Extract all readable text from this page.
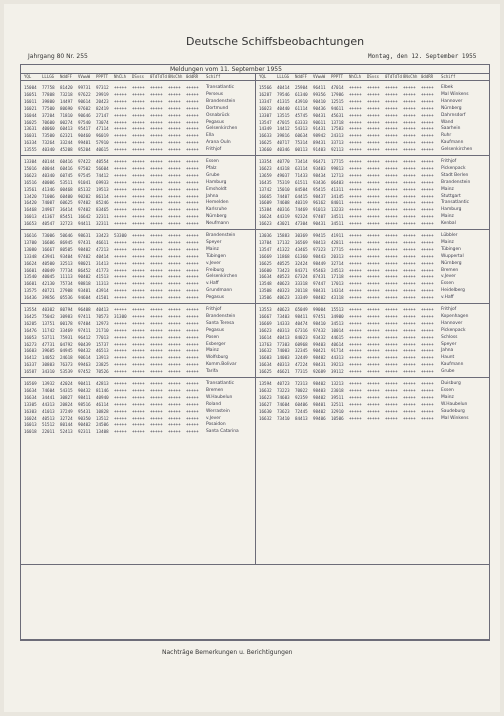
Deutsche Schiffsbeobachtungen
Jahrgang 80 Nr. 255	Montag, den 12. September 1955
Meldungen vom 11. September 1955
Nachträge Bemerkungen u. Berichtigungen
YQL	LLLGG NddFF VVwwW PPPTT NhCLh DSvss 0TdTdTd 8NsChh 0ddRR Schiff	YQL	LLLGG NddFF VVwwW PPPTT NhCLh DSvss 0TdTdTd 8NsChh 0ddRR Schiff
15004 77758 81420 99731 97312 +++++ +++++ +++++ +++++ +++++ Transatlantic
16051 77808 73218 97622 29919 +++++ +++++ +++++ +++++ +++++ Perseus
16011 39800 14497 90614 20423 +++++ +++++ +++++ +++++ +++++ Brandenstein
16021 77500 80690 97602 82419 +++++ +++++ +++++ +++++ +++++ Dortmund
16044 37204 71810 90646 27147 +++++ +++++ +++++ +++++ +++++ Osnabrück
16025 70600 00274 97540 73074 +++++ +++++ +++++ +++++ +++++ Pegasus
13631 40060 60413 95417 47114 +++++ +++++ +++++ +++++ +++++ Gelsenkirchen
16031 73500 62321 90460 96019 +++++ +++++ +++++ +++++ +++++ Ella
16334 73264 33244 99401 57910 +++++ +++++ +++++ +++++ +++++ Arana Ouln
13555 40340 45208 95204 40615 +++++ +++++ +++++ +++++ +++++ Frithjof
13304 40144 60416 97422 40554 +++++ +++++ +++++ +++++ +++++ Essen
15016 40044 60416 97502 56604 +++++ +++++ +++++ +++++ +++++ Pfalz
16623 40340 60745 97545 74412 +++++ +++++ +++++ +++++ +++++ Grube
16516 40006 53511 91041 69933 +++++ +++++ +++++ +++++ +++++ Hamburg
13561 41346 00468 85132 19513 +++++ +++++ +++++ +++++ +++++ Emsholdt
13420 71006 60400 90202 86114 +++++ +++++ +++++ +++++ +++++ Jahna
16420 74007 60625 97402 85246 +++++ +++++ +++++ +++++ +++++ Hemelden
16468 24967 36414 97402 83465 +++++ +++++ +++++ +++++ +++++ Karlsruhe
16013 41367 85451 16642 32311 +++++ +++++ +++++ +++++ +++++ Nürnberg
16653 40547 32723 94411 32311 +++++ +++++ +++++ +++++ +++++ Neufmann
16616 73006 50646 98631 33423 53300 +++++ +++++ +++++ +++++ Brandenstein
13700 16606 86945 97431 46611 +++++ +++++ +++++ +++++ +++++ Speyer
13080 16667 80505 98402 47213 +++++ +++++ +++++ +++++ +++++ Mainz
13348 43941 93404 97402 40414 +++++ +++++ +++++ +++++ +++++ Tübingen
16624 40500 32513 98021 31413 +++++ +++++ +++++ +++++ +++++ v.Jever
16601 40049 77734 86452 41773 +++++ +++++ +++++ +++++ +++++ Freiburg
13540 40045 11113 90402 41513 +++++ +++++ +++++ +++++ +++++ Gelsenkirchen
16601 42130 75734 98818 11313 +++++ +++++ +++++ +++++ +++++ v.Haff
13575 40721 27908 93401 43914 +++++ +++++ +++++ +++++ +++++ Grundmann
16436 39856 05536 94604 41501 +++++ +++++ +++++ +++++ +++++ Pegasus
13554 40302 80794 96408 40413 +++++ +++++ +++++ +++++ +++++ Frithjof
16425 75042 30983 97411 70573 31300 +++++ +++++ +++++ +++++ Brandenstein
16205 13751 00178 97404 12973 +++++ +++++ +++++ +++++ +++++ Santa Teresa
16476 11742 33469 97411 21710 +++++ +++++ +++++ +++++ +++++ Pegasus
16053 53711 75931 96412 77013 +++++ +++++ +++++ +++++ +++++ Posen
16273 47731 04792 90439 15737 +++++ +++++ +++++ +++++ +++++ Esberger
16603 39605 04945 90432 46513 +++++ +++++ +++++ +++++ +++++ Mainz
16412 14052 24618 90614 13913 +++++ +++++ +++++ +++++ +++++ Wolfsburg
16337 30803 76373 99463 23825 +++++ +++++ +++++ +++++ +++++ Komm.Bolivar
16587 34310 53539 97452 70526 +++++ +++++ +++++ +++++ +++++ Tarifa
16569 13932 42024 90411 42813 +++++ +++++ +++++ +++++ +++++ Transatlantic
16634 74604 54315 90432 81146 +++++ +++++ +++++ +++++ +++++ Bremen
16634 34441 30827 98411 40940 +++++ +++++ +++++ +++++ +++++ W.Haubelun
13305 44313 20824 98516 46114 +++++ +++++ +++++ +++++ +++++ Roland
16303 41013 37249 95431 10828 +++++ +++++ +++++ +++++ +++++ Werrastein
16024 40513 32724 90350 13512 +++++ +++++ +++++ +++++ +++++ v.Jever
16013 51512 80144 90402 24506 +++++ +++++ +++++ +++++ +++++ Posaidon
16018 22011 52413 92311 13408 +++++ +++++ +++++ +++++ +++++ Santa Catarina
15566 40414 25904 96411 47014 +++++ +++++ +++++ +++++ +++++ Elbek
16287 79546 61340 99356 17986 +++++ +++++ +++++ +++++ +++++ Mal Winkens
13347 41315 43910 90410 12515 +++++ +++++ +++++ +++++ +++++ Hannover
16023 40440 61114 90436 94611 +++++ +++++ +++++ +++++ +++++ Nürnberg
13307 13515 45745 90431 45631 +++++ +++++ +++++ +++++ +++++ Dahrnsdorf
13547 47015 63333 90611 13718 +++++ +++++ +++++ +++++ +++++ Wand
14349 14412 54313 91431 17583 +++++ +++++ +++++ +++++ +++++ Saarhein
16633 39816 60634 98942 24313 +++++ +++++ +++++ +++++ +++++ Ruhr
16625 40717 75314 89431 33713 +++++ +++++ +++++ +++++ +++++ Kaufmann
13660 40346 00113 91403 92113 +++++ +++++ +++++ +++++ +++++ Gelsenkirchen
13354 40770 73414 96471 17715 +++++ +++++ +++++ +++++ +++++ Frithjof
16623 44318 63114 93403 99813 +++++ +++++ +++++ +++++ +++++ Pickenpack
13659 49037 71433 98434 12713 +++++ +++++ +++++ +++++ +++++ Stadt Berlen
16435 75319 61511 93436 06403 +++++ +++++ +++++ +++++ +++++ Brandenstein
13742 15010 84504 95415 41311 +++++ +++++ +++++ +++++ +++++ Mainz
16665 74407 64415 98437 34145 +++++ +++++ +++++ +++++ +++++ Stuttgart
16609 74608 40319 96162 84011 +++++ +++++ +++++ +++++ +++++ Transatlantic
15384 40316 74469 91013 13233 +++++ +++++ +++++ +++++ +++++ Hamburg
16624 44319 92324 97407 34511 +++++ +++++ +++++ +++++ +++++ Mainz
16623 43021 47304 90431 34511 +++++ +++++ +++++ +++++ +++++ Kenbal
13036 15883 30369 99415 41911 +++++ +++++ +++++ +++++ +++++ Lübbler
13704 17132 36569 98413 42811 +++++ +++++ +++++ +++++ +++++ Mainz
13547 41322 43465 97323 17715 +++++ +++++ +++++ +++++ +++++ Tübingen
16669 11868 61360 98443 20313 +++++ +++++ +++++ +++++ +++++ Wuppertal
16625 40525 32424 98449 32714 +++++ +++++ +++++ +++++ +++++ Nürnberg
16600 73423 84371 95463 24513 +++++ +++++ +++++ +++++ +++++ Bremen
16634 40523 67324 87431 17118 +++++ +++++ +++++ +++++ +++++ v.Jever
13548 40623 33318 97447 17013 +++++ +++++ +++++ +++++ +++++ Essen
13508 40323 20118 98431 14314 +++++ +++++ +++++ +++++ +++++ Heidelberg
13506 40623 33349 98402 43118 +++++ +++++ +++++ +++++ +++++ v.Haff
13553 40623 65049 99004 15513 +++++ +++++ +++++ +++++ +++++ Frithjof
16667 73403 98411 97451 34900 +++++ +++++ +++++ +++++ +++++ Kopenhagen
16669 14333 40474 98410 34513 +++++ +++++ +++++ +++++ +++++ Hannover
16623 40313 67316 97432 10014 +++++ +++++ +++++ +++++ +++++ Pickenpack
16614 40413 84023 93432 44615 +++++ +++++ +++++ +++++ +++++ Schloss
13763 77303 60968 99403 40614 +++++ +++++ +++++ +++++ +++++ Speyer
16632 74003 32345 90421 91714 +++++ +++++ +++++ +++++ +++++ Jahna
16603 14003 32449 98402 44313 +++++ +++++ +++++ +++++ +++++ Haunt
16634 40313 47224 98431 39213 +++++ +++++ +++++ +++++ +++++ Kaufmann
16625 46621 77315 92689 39112 +++++ +++++ +++++ +++++ +++++ Grube
13594 40723 72313 98402 13213 +++++ +++++ +++++ +++++ +++++ Duisburg
16632 73223 70022 98403 23018 +++++ +++++ +++++ +++++ +++++ Essen
16623 74603 92359 98402 39511 +++++ +++++ +++++ +++++ +++++ Mainz
16627 74604 60406 98401 32511 +++++ +++++ +++++ +++++ +++++ W.Haubelun
16630 73623 72445 98402 32910 +++++ +++++ +++++ +++++ +++++ Saudeburg
16632 73410 84413 99406 10506 +++++ +++++ +++++ +++++ +++++ Mal Winkens
